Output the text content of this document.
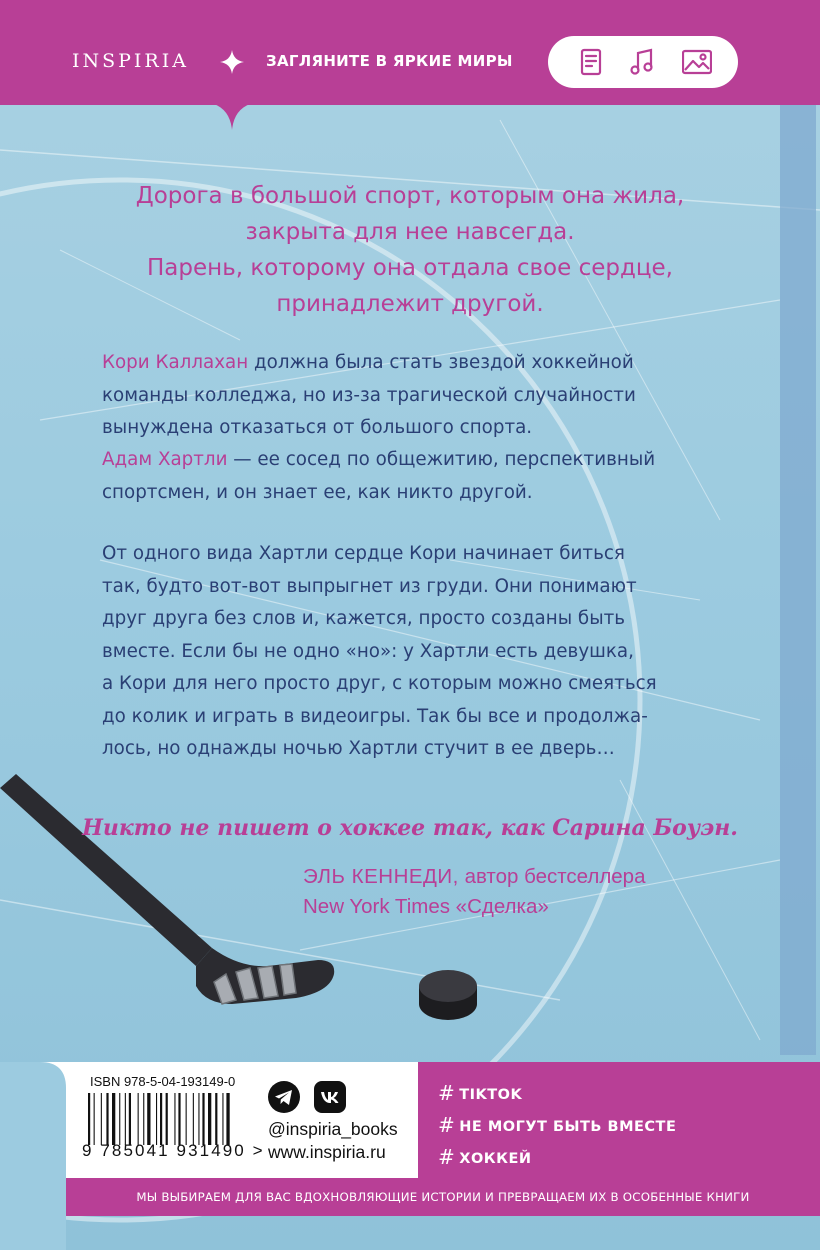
INSPIRIA	ЗАГЛЯНИТЕ В ЯРКИЕ МИРЫ
Дорога в большой спорт, которым она жила,
закрыта для нее навсегда.
Парень, которому она отдала свое сердце,
принадлежит другой.
Кори Каллахан должна была стать звездой хоккейной
команды колледжа, но из-за трагической случайности
вынуждена отказаться от большого спорта.
Адам Хартли — ее сосед по общежитию, перспективный
спортсмен, и он знает ее, как никто другой.
От одного вида Хартли сердце Кори начинает биться
так, будто вот-вот выпрыгнет из груди. Они понимают
друг друга без слов и, кажется, просто созданы быть
вместе. Если бы не одно «но»: у Хартли есть девушка,
а Кори для него просто друг, с которым можно смеяться
до колик и играть в видеоигры. Так бы все и продолжа-
лось, но однажды ночью Хартли стучит в ее дверь…
Никто не пишет о хоккее так, как Сарина Боуэн.
ЭЛЬ КЕННЕДИ, автор бестселлера
New York Times «Сделка»
ISBN 978-5-04-193149-0
9 785041 931490 >
@inspiria_books
www.inspiria.ru
# TIKTOK
# НЕ МОГУТ БЫТЬ ВМЕСТЕ
# ХОККЕЙ
МЫ ВЫБИРАЕМ ДЛЯ ВАС ВДОХНОВЛЯЮЩИЕ ИСТОРИИ И ПРЕВРАЩАЕМ ИХ В ОСОБЕННЫЕ КНИГИ
